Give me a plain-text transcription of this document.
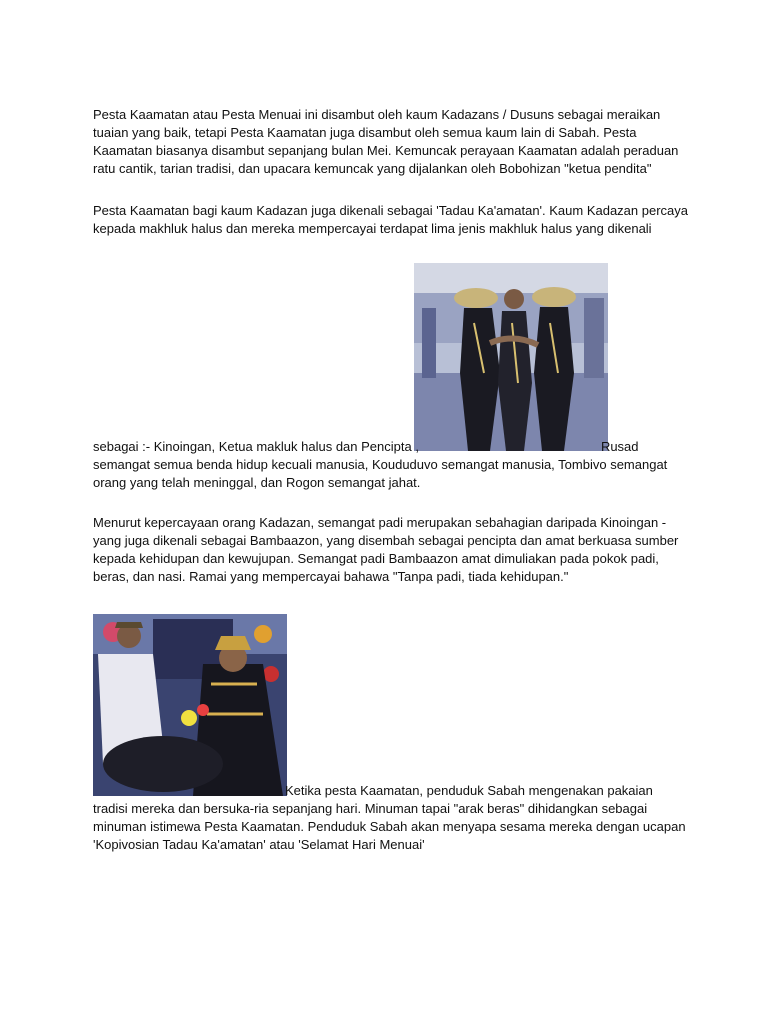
Pesta Kaamatan atau Pesta Menuai ini disambut oleh kaum Kadazans / Dusuns sebagai meraikan
tuaian yang baik, tetapi Pesta Kaamatan juga disambut oleh semua kaum lain di Sabah. Pesta
Kaamatan biasanya disambut sepanjang bulan Mei. Kemuncak perayaan Kaamatan adalah peraduan
ratu cantik, tarian tradisi, dan upacara kemuncak yang dijalankan oleh Bobohizan "ketua pendita"
Pesta Kaamatan bagi kaum Kadazan juga dikenali sebagai 'Tadau Ka'amatan'. Kaum Kadazan percaya
kepada makhluk halus dan mereka mempercayai terdapat lima jenis makhluk halus yang dikenali
sebagai :- Kinoingan, Ketua makluk halus dan Pencipta ,	Rusad
semangat semua benda hidup kecuali manusia, Koududuvo semangat manusia, Tombivo semangat
orang yang telah meninggal, dan Rogon semangat jahat.
Menurut kepercayaan orang Kadazan, semangat padi merupakan sebahagian daripada Kinoingan -
yang juga dikenali sebagai Bambaazon, yang disembah sebagai pencipta dan amat berkuasa sumber
kepada kehidupan dan kewujupan. Semangat padi Bambaazon amat dimuliakan pada pokok padi,
beras, dan nasi. Ramai yang mempercayai bahawa "Tanpa padi, tiada kehidupan."
Ketika pesta Kaamatan, penduduk Sabah mengenakan pakaian
tradisi mereka dan bersuka-ria sepanjang hari. Minuman tapai "arak beras" dihidangkan sebagai
minuman istimewa Pesta Kaamatan. Penduduk Sabah akan menyapa sesama mereka dengan ucapan
'Kopivosian Tadau Ka'amatan' atau 'Selamat Hari Menuai'
